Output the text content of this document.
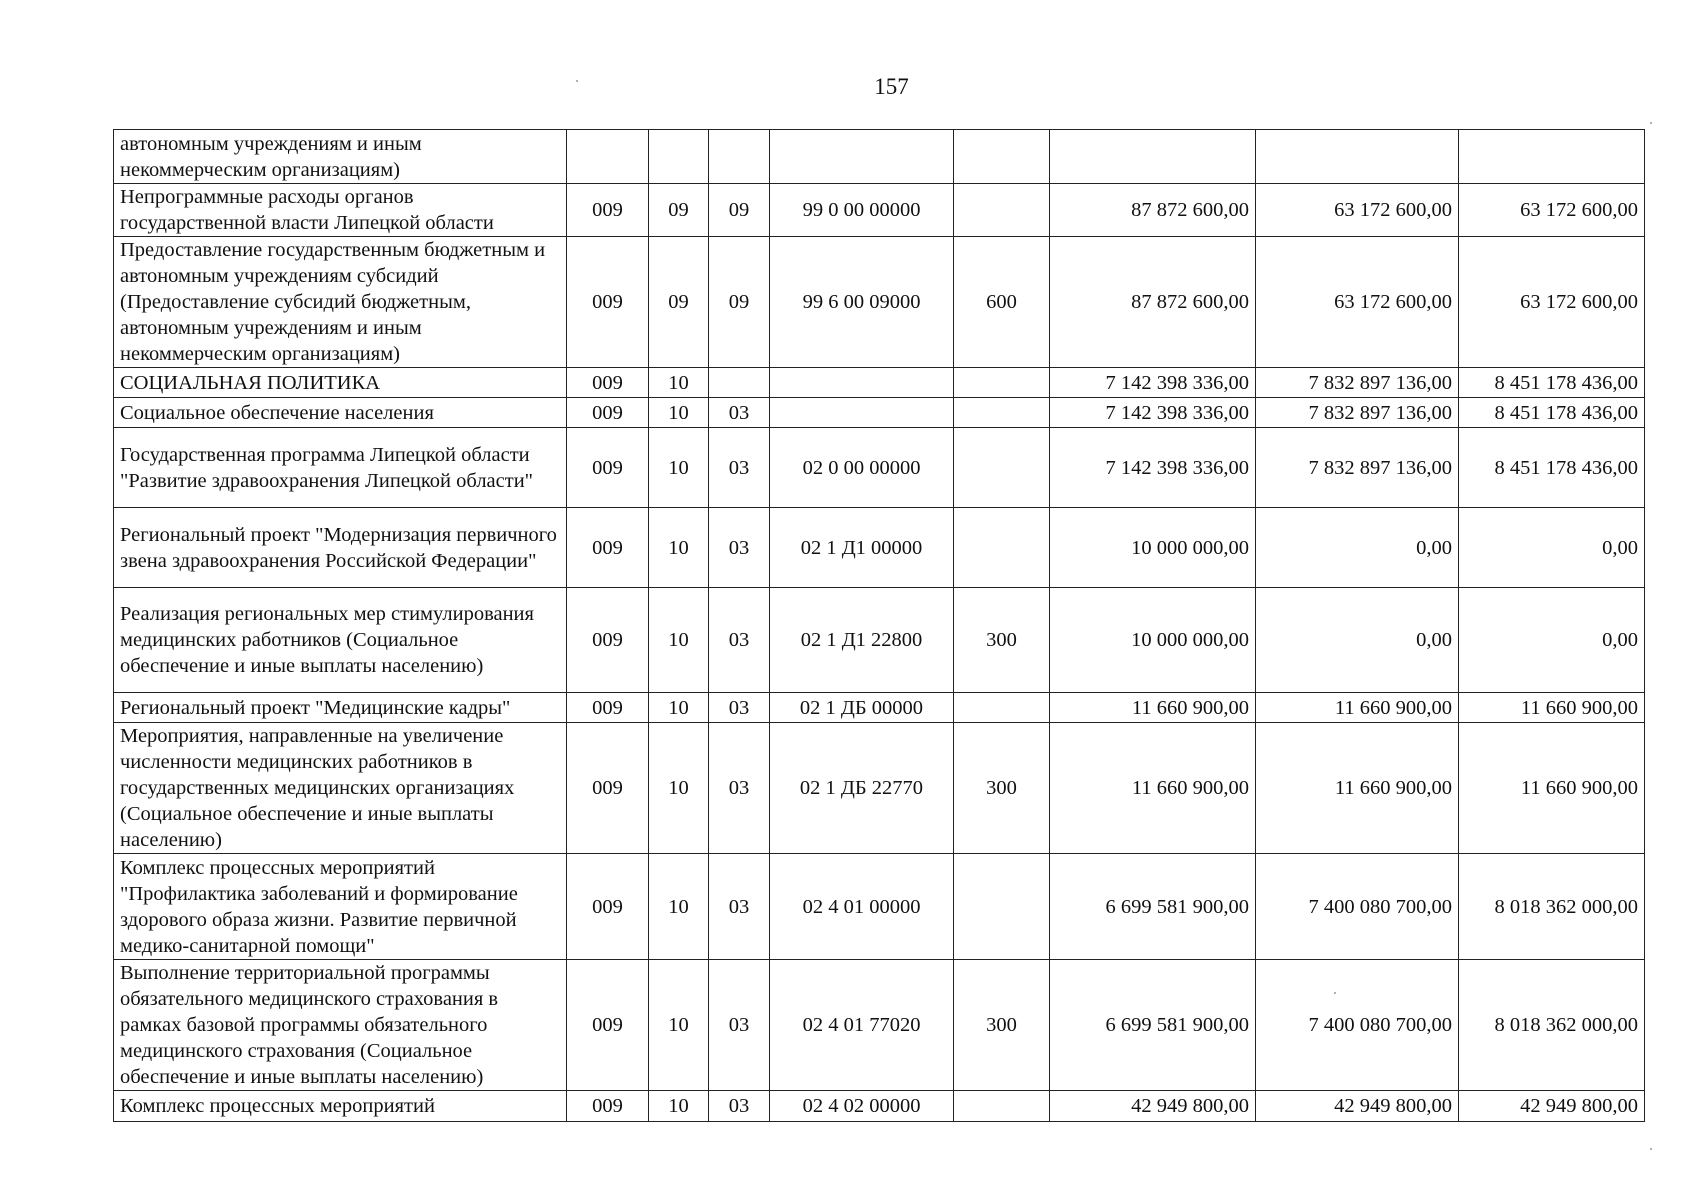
157
автономным учреждениям и иным некоммерческим организациям)								
Непрограммные расходы органов государственной власти Липецкой области	009	09	09	99 0 00 00000		87 872 600,00	63 172 600,00	63 172 600,00
Предоставление государственным бюджетным и автономным учреждениям субсидий (Предоставление субсидий бюджетным, автономным учреждениям и иным некоммерческим организациям)	009	09	09	99 6 00 09000	600	87 872 600,00	63 172 600,00	63 172 600,00
СОЦИАЛЬНАЯ ПОЛИТИКА	009	10				7 142 398 336,00	7 832 897 136,00	8 451 178 436,00
Социальное обеспечение населения	009	10	03			7 142 398 336,00	7 832 897 136,00	8 451 178 436,00
Государственная программа Липецкой области "Развитие здравоохранения Липецкой области"	009	10	03	02 0 00 00000		7 142 398 336,00	7 832 897 136,00	8 451 178 436,00
Региональный проект "Модернизация первичного звена здравоохранения Российской Федерации"	009	10	03	02 1 Д1 00000		10 000 000,00	0,00	0,00
Реализация региональных мер стимулирования медицинских работников (Социальное обеспечение и иные выплаты населению)	009	10	03	02 1 Д1 22800	300	10 000 000,00	0,00	0,00
Региональный проект "Медицинские кадры"	009	10	03	02 1 ДБ 00000		11 660 900,00	11 660 900,00	11 660 900,00
Мероприятия, направленные на увеличение численности медицинских работников в государственных медицинских организациях (Социальное обеспечение и иные выплаты населению)	009	10	03	02 1 ДБ 22770	300	11 660 900,00	11 660 900,00	11 660 900,00
Комплекс процессных мероприятий "Профилактика заболеваний и формирование здорового образа жизни. Развитие первичной медико-санитарной помощи"	009	10	03	02 4 01 00000		6 699 581 900,00	7 400 080 700,00	8 018 362 000,00
Выполнение территориальной программы обязательного медицинского страхования в рамках базовой программы обязательного медицинского страхования (Социальное обеспечение и иные выплаты населению)	009	10	03	02 4 01 77020	300	6 699 581 900,00	7 400 080 700,00	8 018 362 000,00
Комплекс процессных мероприятий	009	10	03	02 4 02 00000		42 949 800,00	42 949 800,00	42 949 800,00
